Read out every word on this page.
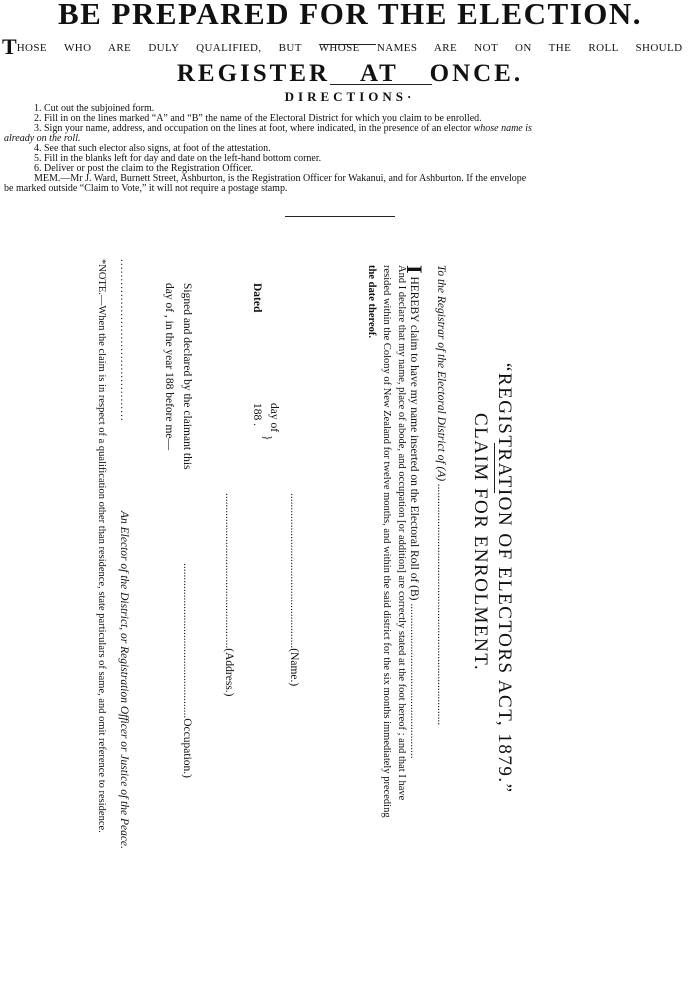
BE PREPARED FOR THE ELECTION.
THOSE WHO ARE DULY QUALIFIED, BUT WHOSE NAMES ARE NOT ON THE ROLL SHOULD
REGISTER AT ONCE.
DIRECTIONS·
1. Cut out the subjoined form.
2. Fill in on the lines marked “A” and “B” the name of the Electoral District for which you claim to be enrolled.
3. Sign your name, address, and occupation on the lines at foot, where indicated, in the presence of an elector whose name is
already on the roll.
4. See that such elector also signs, at foot of the attestation.
5. Fill in the blanks left for day and date on the left-hand bottom corner.
6. Deliver or post the claim to the Registration Officer.
MEM.—Mr J. Ward, Burnett Street, Ashburton, is the Registration Officer for Wakanui, and for Ashburton. If the envelope
be marked outside “Claim to Vote,” it will not require a postage stamp.
“REGISTRATION OF ELECTORS ACT, 1879.”
CLAIM FOR ENROLMENT.
To the Registrar of the Electoral District of (A) ....................................................................................
I HEREBY claim to have my name inserted on the Electoral Roll of (B) ......................................................
And I declare that my name, place of abode, and occupation [or addition] are correctly stated at the foot hereof ; and that I have
resided within the Colony of New Zealand for twelve months, and within the said district for the six months immediately preceding
the date thereof.
......................................................(Name.)
Dated
day of
188 .
}
......................................................(Address.)
......................................................Occupation.)
Signed and declared by the claimant this
day of , in the year 188 before me—
..........................................
An Elector of the District, or Registration Officer or Justice of the Peace.
*NOTE.—When the claim is in respect of a qualification other than residence, state particulars of same, and omit reference to residence.
